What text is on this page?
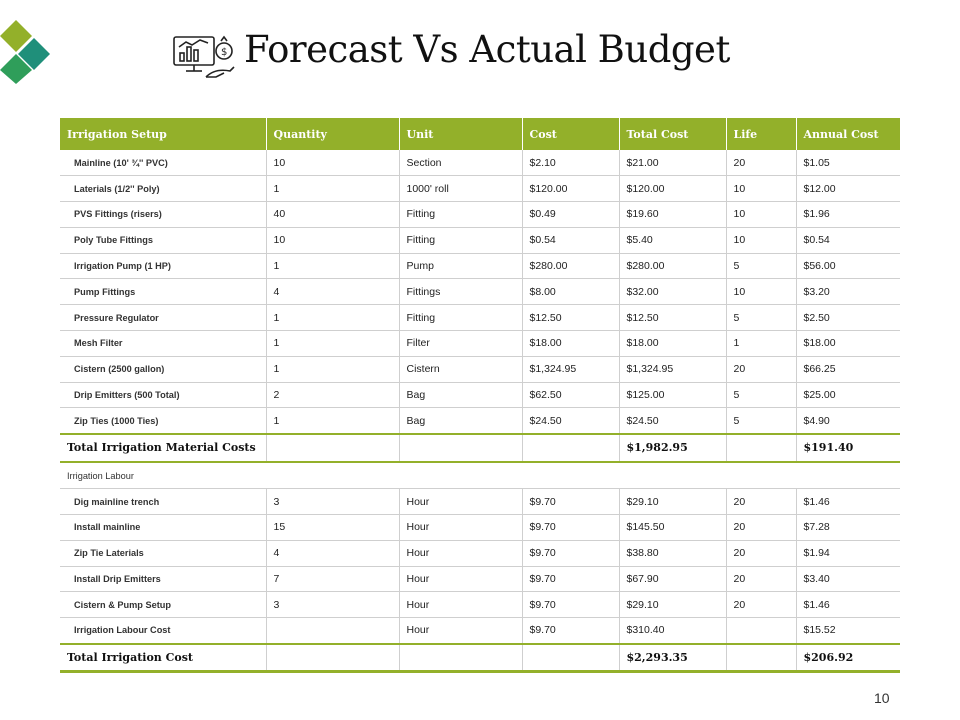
$ Forecast Vs Actual Budget
Irrigation Setup	Quantity	Unit	Cost	Total Cost	Life	Annual Cost
Mainline (10' ¾'' PVC)	10	Section	$2.10	$21.00	20	$1.05
Laterials (1/2'' Poly)	1	1000' roll	$120.00	$120.00	10	$12.00
PVS Fittings (risers)	40	Fitting	$0.49	$19.60	10	$1.96
Poly Tube Fittings	10	Fitting	$0.54	$5.40	10	$0.54
Irrigation Pump (1 HP)	1	Pump	$280.00	$280.00	5	$56.00
Pump Fittings	4	Fittings	$8.00	$32.00	10	$3.20
Pressure Regulator	1	Fitting	$12.50	$12.50	5	$2.50
Mesh Filter	1	Filter	$18.00	$18.00	1	$18.00
Cistern (2500 gallon)	1	Cistern	$1,324.95	$1,324.95	20	$66.25
Drip Emitters (500 Total)	2	Bag	$62.50	$125.00	5	$25.00
Zip Ties (1000 Ties)	1	Bag	$24.50	$24.50	5	$4.90
Total Irrigation Material Costs				$1,982.95		$191.40
Irrigation Labour						
Dig mainline trench	3	Hour	$9.70	$29.10	20	$1.46
Install mainline	15	Hour	$9.70	$145.50	20	$7.28
Zip Tie Laterials	4	Hour	$9.70	$38.80	20	$1.94
Install Drip Emitters	7	Hour	$9.70	$67.90	20	$3.40
Cistern & Pump Setup	3	Hour	$9.70	$29.10	20	$1.46
Irrigation Labour Cost		Hour	$9.70	$310.40		$15.52
Total Irrigation Cost				$2,293.35		$206.92
10
